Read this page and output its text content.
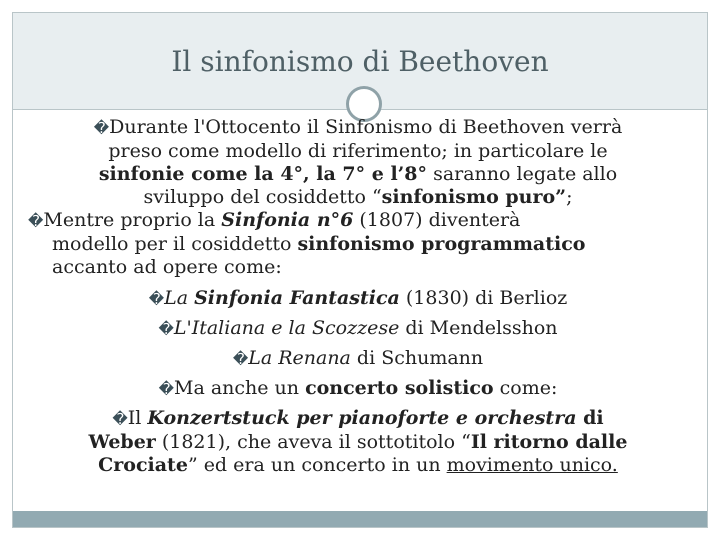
Il sinfonismo di Beethoven

�Durante l'Ottocento il Sinfonismo di Beethoven verrà
preso come modello di riferimento; in particolare le
sinfonie come la 4°, la 7° e l’8° saranno legate allo
sviluppo del cosiddetto “sinfonismo puro”;

�Mentre proprio la Sinfonia n°6 (1807) diventerà
modello per il cosiddetto sinfonismo programmatico
accanto ad opere come:

�La Sinfonia Fantastica (1830) di Berlioz
�L'Italiana e la Scozzese di Mendelsshon
�La Renana di Schumann
�Ma anche un concerto solistico come:

�Il Konzertstuck per pianoforte e orchestra di
Weber (1821), che aveva il sottotitolo “Il ritorno dalle
Crociate” ed era un concerto in un movimento unico.
